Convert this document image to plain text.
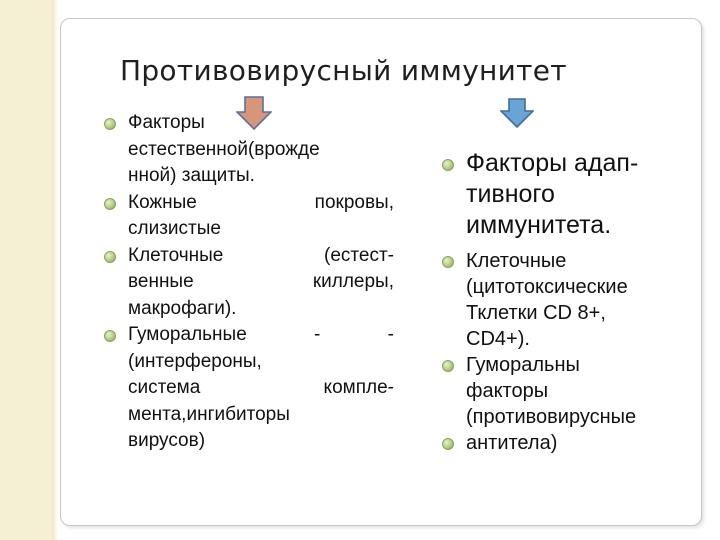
Противовирусный иммунитет
Факторы
естественной(врожде
нной) защиты.
Кожные покровы,
слизистые
Клеточные (естест-
венные киллеры,
макрофаги).
Гуморальные - -
(интерфероны,
система компле-
мента,ингибиторы
вирусов)
Факторы адап-
тивного
иммунитета.
Клеточные
(цитотоксические
Тклетки CD 8+,
CD4+).
Гуморальны
факторы
(противовирусные
антитела)
